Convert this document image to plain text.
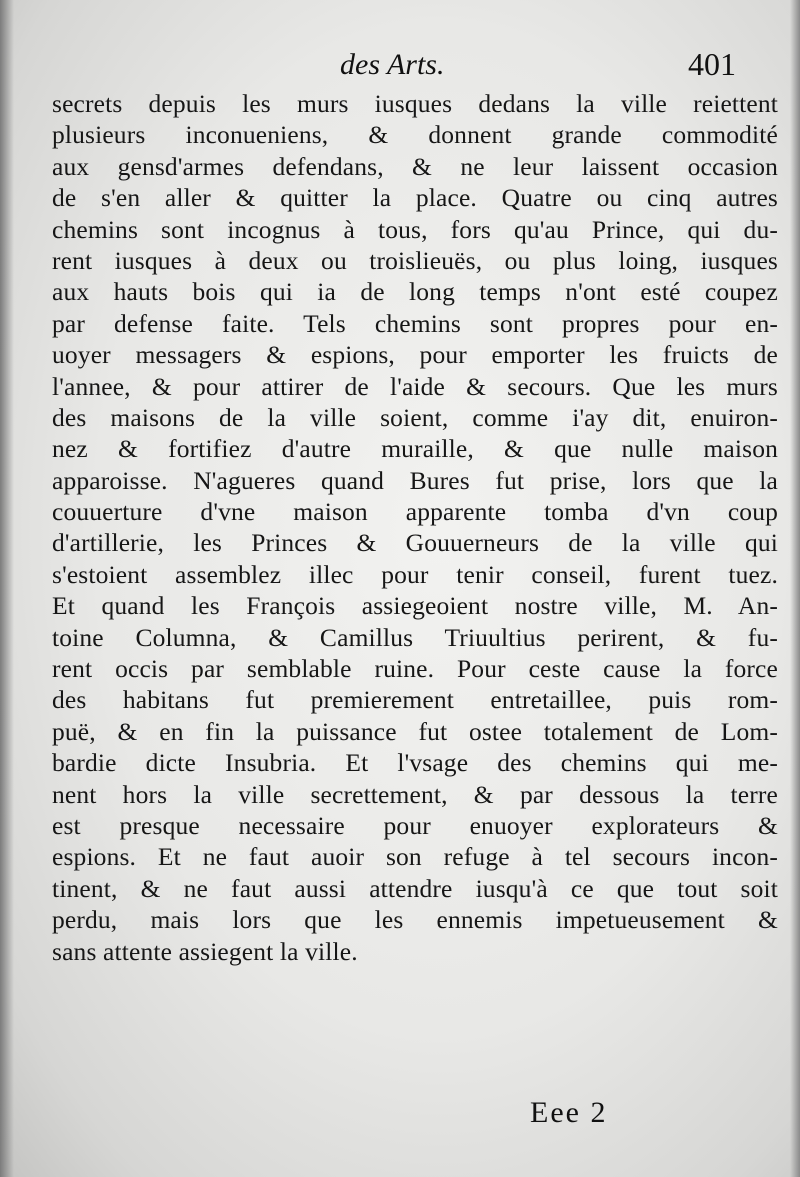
des Arts.	401
secrets depuis les murs iusques dedans la ville reiettent
plusieurs inconueniens, & donnent grande commodité
aux gensd'armes defendans, & ne leur laissent occasion
de s'en aller & quitter la place. Quatre ou cinq autres
chemins sont incognus à tous, fors qu'au Prince, qui du-
rent iusques à deux ou troislieuës, ou plus loing, iusques
aux hauts bois qui ia de long temps n'ont esté coupez
par defense faite. Tels chemins sont propres pour en-
uoyer messagers & espions, pour emporter les fruicts de
l'annee, & pour attirer de l'aide & secours. Que les murs
des maisons de la ville soient, comme i'ay dit, enuiron-
nez & fortifiez d'autre muraille, & que nulle maison
apparoisse. N'agueres quand Bures fut prise, lors que la
couuerture d'vne maison apparente tomba d'vn coup
d'artillerie, les Princes & Gouuerneurs de la ville qui
s'estoient assemblez illec pour tenir conseil, furent tuez.
Et quand les François assiegeoient nostre ville, M. An-
toine Columna, & Camillus Triuultius perirent, & fu-
rent occis par semblable ruine. Pour ceste cause la force
des habitans fut premierement entretaillee, puis rom-
puë, & en fin la puissance fut ostee totalement de Lom-
bardie dicte Insubria. Et l'vsage des chemins qui me-
nent hors la ville secrettement, & par dessous la terre
est presque necessaire pour enuoyer explorateurs &
espions. Et ne faut auoir son refuge à tel secours incon-
tinent, & ne faut aussi attendre iusqu'à ce que tout soit
perdu, mais lors que les ennemis impetueusement &
sans attente assiegent la ville.
Eee 2
